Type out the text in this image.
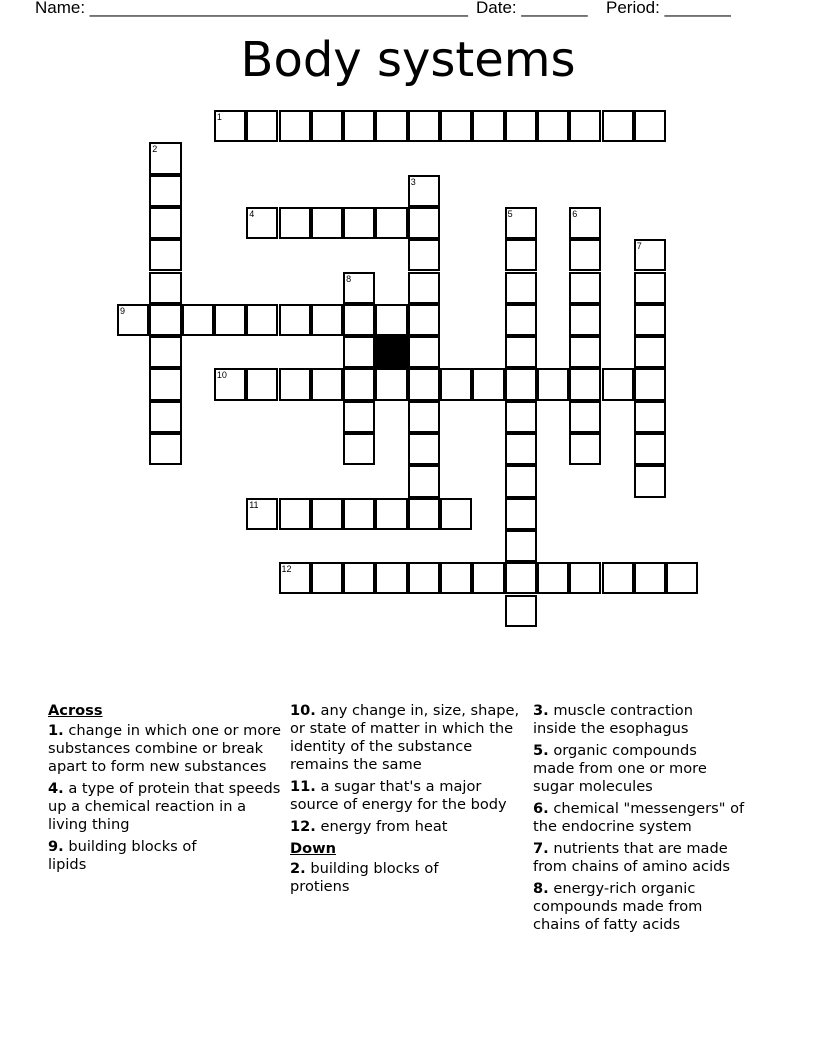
Name: ________________________________________ Date: _______ Period: _______
Body systems
1
2
3
4	5	6
7
8
9
10
11
12
Across
1. change in which one or more substances combine or break apart to form new substances
4. a type of protein that speeds up a chemical reaction in a living thing
9. building blocks of lipids
10. any change in, size, shape, or state of matter in which the identity of the substance remains the same
11. a sugar that's a major source of energy for the body
12. energy from heat
Down
2. building blocks of protiens
3. muscle contraction inside the esophagus
5. organic compounds made from one or more sugar molecules
6. chemical "messengers" of the endocrine system
7. nutrients that are made from chains of amino acids
8. energy-rich organic compounds made from chains of fatty acids
